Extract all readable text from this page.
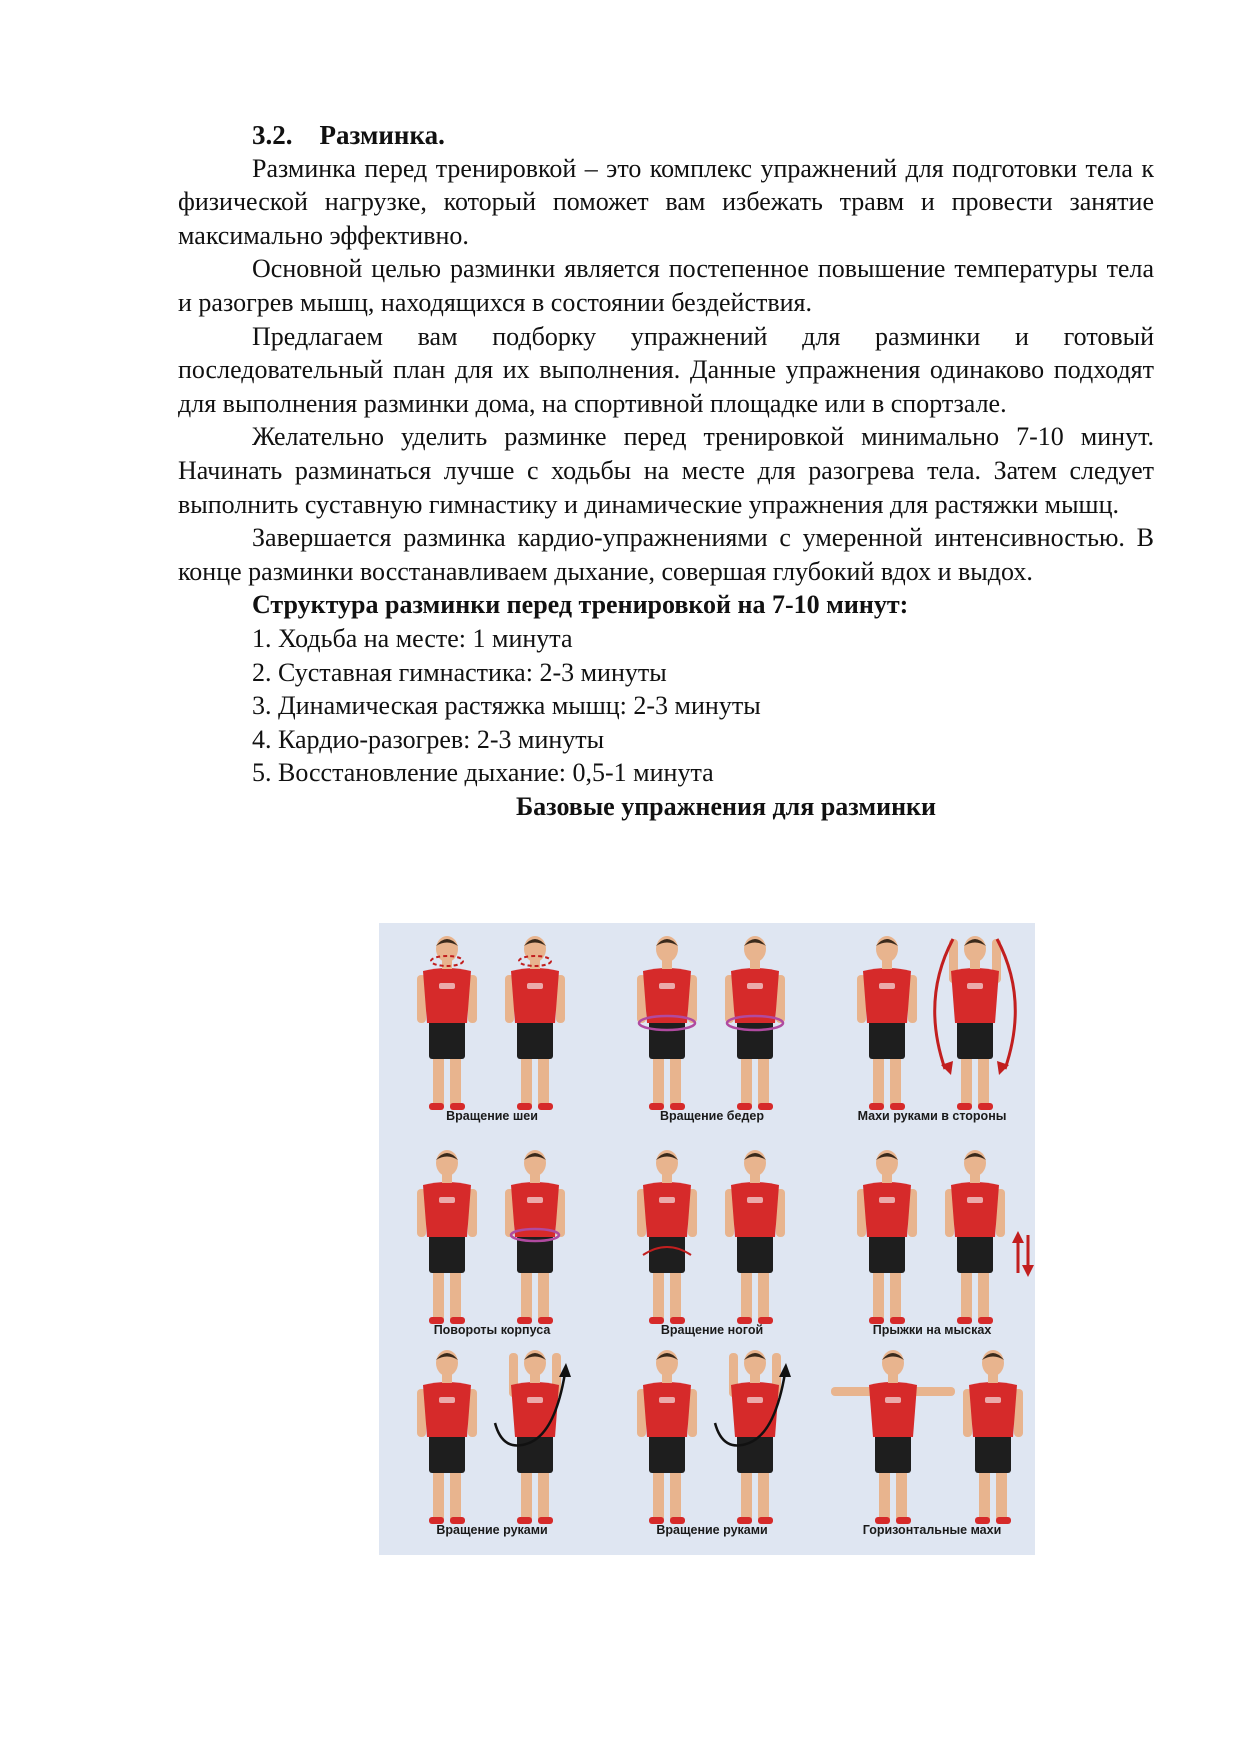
3.2. Разминка.

Разминка перед тренировкой – это комплекс упражнений для подготовки тела к физической нагрузке, который поможет вам избежать травм и провести занятие максимально эффективно.

Основной целью разминки является постепенное повышение температуры тела и разогрев мышц, находящихся в состоянии бездействия.

Предлагаем вам подборку упражнений для разминки и готовый последовательный план для их выполнения. Данные упражнения одинаково подходят для выполнения разминки дома, на спортивной площадке или в спортзале.

Желательно уделить разминке перед тренировкой минимально 7-10 минут. Начинать разминаться лучше с ходьбы на месте для разогрева тела. Затем следует выполнить суставную гимнастику и динамические упражнения для растяжки мышц.

Завершается разминка кардио-упражнениями с умеренной интенсивностью. В конце разминки восстанавливаем дыхание, совершая глубокий вдох и выдох.

Структура разминки перед тренировкой на 7-10 минут:

1. Ходьба на месте: 1 минута

2. Суставная гимнастика: 2-3 минуты

3. Динамическая растяжка мышц: 2-3 минуты

4. Кардио-разогрев: 2-3 минуты

5. Восстановление дыхание: 0,5-1 минута

Базовые упражнения для разминки

Вращение шеи	Вращение бедер	Махи руками в стороны
Повороты корпуса	Вращение ногой	Прыжки на мысках
Вращение руками	Вращение руками	Горизонтальные махи
